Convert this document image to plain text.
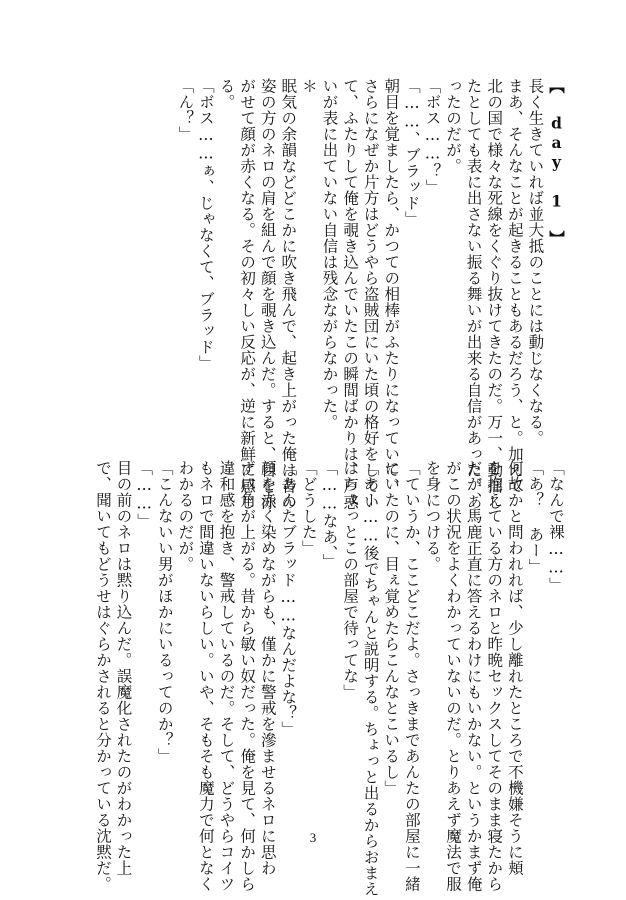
【 day 1 】

長く生きていれば並大抵のことには動じなくなる。

まあ、そんなことが起きることもあるだろう、と。加えて

北の国で様々な死線をくぐり抜けてきたのだ。万一、動揺し

たとしても表に出さない振る舞いが出来る自信があった。あ

ったのだが。

「ボス……？」

「……、ブラッド」

朝目を覚ましたら、かつての相棒がふたりになっていて、

さらになぜか片方はどうやら盗賊団にいた頃の格好をしてい

て、ふたりして俺を覗き込んでいたこの瞬間ばかりは、戸惑

いが表に出ていない自信は残念ながらなかった。

＊

眠気の余韻などどこかに吹き飛んで、起き上がった俺は昔の

姿の方のネロの肩を組んで顔を覗き込んだ。すると、目を泳

がせて顔が赤くなる。その初々しい反応が、逆に新鮮に感じ

る。

「ボス……ぁ、じゃなくて、ブラッド」

「ん？」

「なんで裸……」

「あ？ あー」

何故かと問われれば、少し離れたところで不機嫌そうに頬

を抱えている方のネロと昨晩セックスしてそのまま寝たから

だが、馬鹿正直に答えるわけにもいかない。というかまず俺

がこの状況をよくわかっていないのだ。とりあえず魔法で服

を身につける。

「ていうか、ここどこだよ。さっきまであんたの部屋に一緒

にいたのに、目ぇ覚めたらこんなとこいるし」

「あー……後でちゃんと説明する。ちょっと出るからおまえ

はちょっとこの部屋で待ってな」

「……なあ、」

「どうした」

「あんたブラッド……なんだよな？」

顔を赤く染めながらも、僅かに警戒を滲ませるネロに思わ

ず口角が上がる。昔から敏い奴だった。俺を見て、何かしら

違和感を抱き、警戒しているのだ。そして、どうやらコイツ

もネロで間違いないらしい。いや、そもそも魔力で何となく

わかるのだが。

「こんないい男がほかにいるってのか？」

「……」

目の前のネロは黙り込んだ。誤魔化されたのがわかった上

で、聞いてもどうせはぐらかされると分かっている沈黙だ。	3
